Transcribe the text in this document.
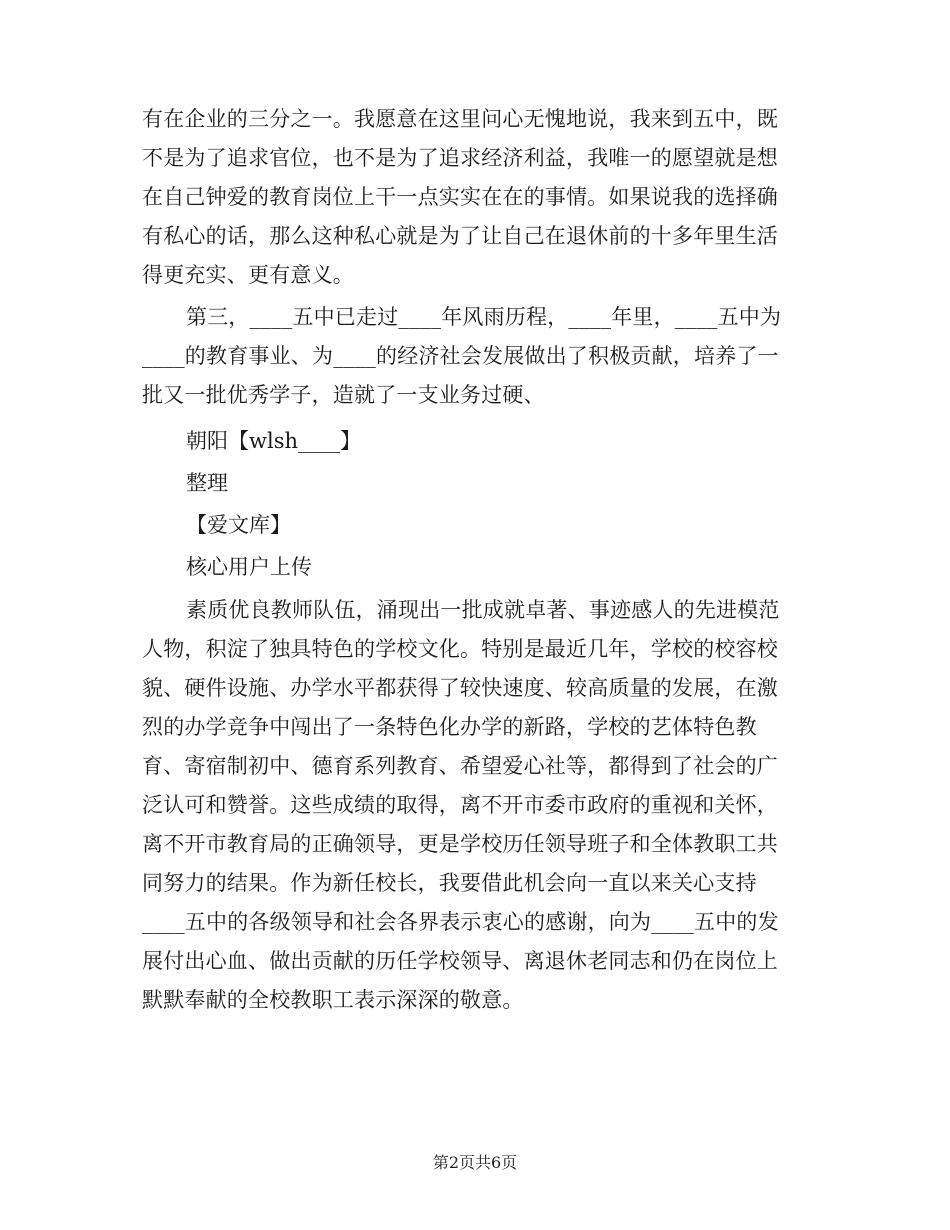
有在企业的三分之一。我愿意在这里问心无愧地说，我来到五中，既
不是为了追求官位，也不是为了追求经济利益，我唯一的愿望就是想
在自己钟爱的教育岗位上干一点实实在在的事情。如果说我的选择确
有私心的话，那么这种私心就是为了让自己在退休前的十多年里生活
得更充实、更有意义。

第三，____五中已走过____年风雨历程，____年里，____五中为
____的教育事业、为____的经济社会发展做出了积极贡献，培养了一
批又一批优秀学子，造就了一支业务过硬、

朝阳【wlsh____】
整理
【爱文库】
核心用户上传

素质优良教师队伍，涌现出一批成就卓著、事迹感人的先进模范
人物，积淀了独具特色的学校文化。特别是最近几年，学校的校容校
貌、硬件设施、办学水平都获得了较快速度、较高质量的发展，在激
烈的办学竞争中闯出了一条特色化办学的新路，学校的艺体特色教
育、寄宿制初中、德育系列教育、希望爱心社等，都得到了社会的广
泛认可和赞誉。这些成绩的取得，离不开市委市政府的重视和关怀，
离不开市教育局的正确领导，更是学校历任领导班子和全体教职工共
同努力的结果。作为新任校长，我要借此机会向一直以来关心支持
____五中的各级领导和社会各界表示衷心的感谢，向为____五中的发
展付出心血、做出贡献的历任学校领导、离退休老同志和仍在岗位上
默默奉献的全校教职工表示深深的敬意。

第2页共6页
